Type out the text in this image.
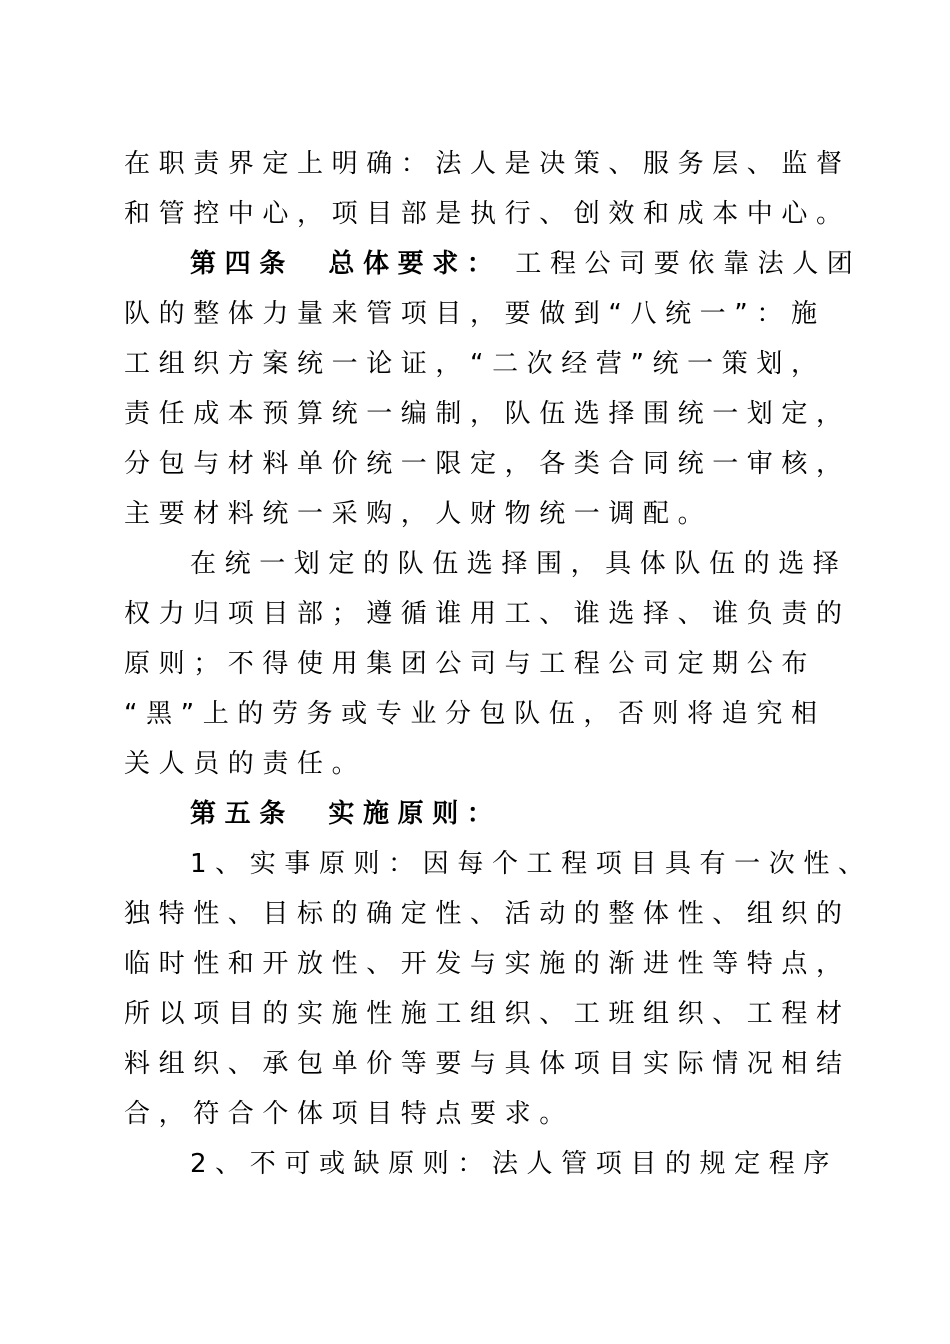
在职责界定上明确：法人是决策、服务层、监督
和管控中心，项目部是执行、创效和成本中心。
第四条　总体要求： 工程公司要依靠法人团
队的整体力量来管项目，要做到“八统一”：施
工组织方案统一论证，“二次经营”统一策划，
责任成本预算统一编制，队伍选择围统一划定，
分包与材料单价统一限定，各类合同统一审核，
主要材料统一采购，人财物统一调配。
在统一划定的队伍选择围，具体队伍的选择
权力归项目部；遵循谁用工、谁选择、谁负责的
原则；不得使用集团公司与工程公司定期公布
“黑”上的劳务或专业分包队伍，否则将追究相
关人员的责任。
第五条　实施原则：
1、实事原则：因每个工程项目具有一次性、
独特性、目标的确定性、活动的整体性、组织的
临时性和开放性、开发与实施的渐进性等特点，
所以项目的实施性施工组织、工班组织、工程材
料组织、承包单价等要与具体项目实际情况相结
合，符合个体项目特点要求。
2、不可或缺原则：法人管项目的规定程序
